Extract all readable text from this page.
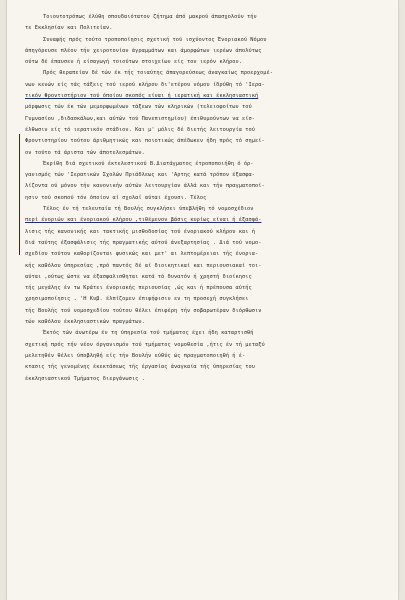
Τοιουτοτρόπως έλύθη σπουδαιότατον ζήτημα άπό μακρού άπασχολούν τήν
τε Εκκλησίαν και Πολιτείαν.
Συναφής πρός τούτο τροποποίησις σχετική τού ισχύοντος Ένοριακού Νόμου
άπηγόρευσε πλέον τήν χειροτονίαν άγραμμάτων και άμορφώτων ιερέων άπολύτως
ούτω δέ έπαυσεν ή είσαγωγή τοιούτων στοιχείων είς τον ιερόν κλήρον.
Πρός θεραπείαν δέ τών έκ τής τοιαύτης άπαγορεύσεως άναγκαίως προερχομέ-
νων κενών είς τάς τάξεις τού ιερού κλήρου δι'ετέρου νόμου ίδρύθη τό 'Ιερα-
τικόν Φροντιστήριον τού όποίου σκοπός είναι ή ιερατική και έκκλησιαστική
μόρφωσις τών έκ τών μεμορφωμένων τάξεων τών κληρικών (τελειοφοίτων τού
Γυμνασίου ,διδασκάλων,και αύτών τού Πανεπιστημίου) έπιθυμούντων να είσ-
έλθωσιν είς τό ιερατικόν στάδιον. Και μ' μόλις δέ διετής λειτουργία τού
Φροντιστηρίου τούτου άριθμητικώς και ποιοτικώς άπέδωκεν ήδη πρός τό σημεί-
ον τούτο τά άριστα τών άποτελεσμάτων.
Έκρίθη διά σχετικού έκτελεστικού Β.Διατάγματος έτροποποιήθη ό όρ-
γανισμός τών 'Ιερατικών Σχολών Πριάδλεως και 'Αρτης κατά τρόπον έξασφα-
λίζοντα ού μόνον τήν κανονικήν αύτών λειτουργίαν άλλά και τήν πραγματοποί-
ησιν τού σκοπού τόν όποίον αί σχολαί αύται έχουσι. Τέλος
Τέλος έν τή τελευταία τή Βουλής συγκλήσει ύπεβλήθη τό νομοσχέδιον
περί ένοριών και ένοριακού κλήρου ,τιθέμενον βάσις κυρίως είναι ή έξασφά-
λισις τής κανονικής και τακτικής μισθοδοσίας τού ένοριακού κλήρου και ή
διά ταύτης έξασφάλισις τής πραγματικής αύτού άνεξαρτησίας . Διά τού νομο-
σχεδίου τούτου καθορίζονται φυσικώς και μετ' αι λεπτομέρειαι τής ένορια-
κής καθόλου ύπηρεσίας ,πρό παντός δέ αί διοικητικαί και περιουσιακαί τοι-
αύται ,ούτως ώστε να έξασφαλισθηται κατά τό δυνατόν ή χρηστή διοίκησις
τής μεγάλης έν τω Κράτει ένοριακής περιουσίας ,ώς και ή πρέπουσα αύτής
χρησιμοποίησις . 'Η Κυβ. έλπίζομεν έπιψήφισιν εν τη προσεχή συγκλήσει
τής Βουλής τού νομοσχεδίου τούτου θέλει έπιφέρη τήν σοβαρωτέραν διόρθωσιν
τών καθόλου έκκλησιαστικών πραγμάτων.
Έκτός τών άνωτέρω έν τη ύπηρεσία τού τμήματος έχει ήδη καταρτισθή
σχετική πρός τήν νέον όργανισμόν τού τμήματος νομοθεσία ,ήτις έν τή μεταξύ
μελετηθέν θέλει ύποβληθή είς τήν Βουλήν εύθύς ώς πραγματοποιηθή ή έ-
κτασις τής γενομένης έκεκτάσεως τής έργασίας άναγκαία τής ύπηρεσίας του
έκκλησιαστικού Τμήματος διεργάνωσις .
